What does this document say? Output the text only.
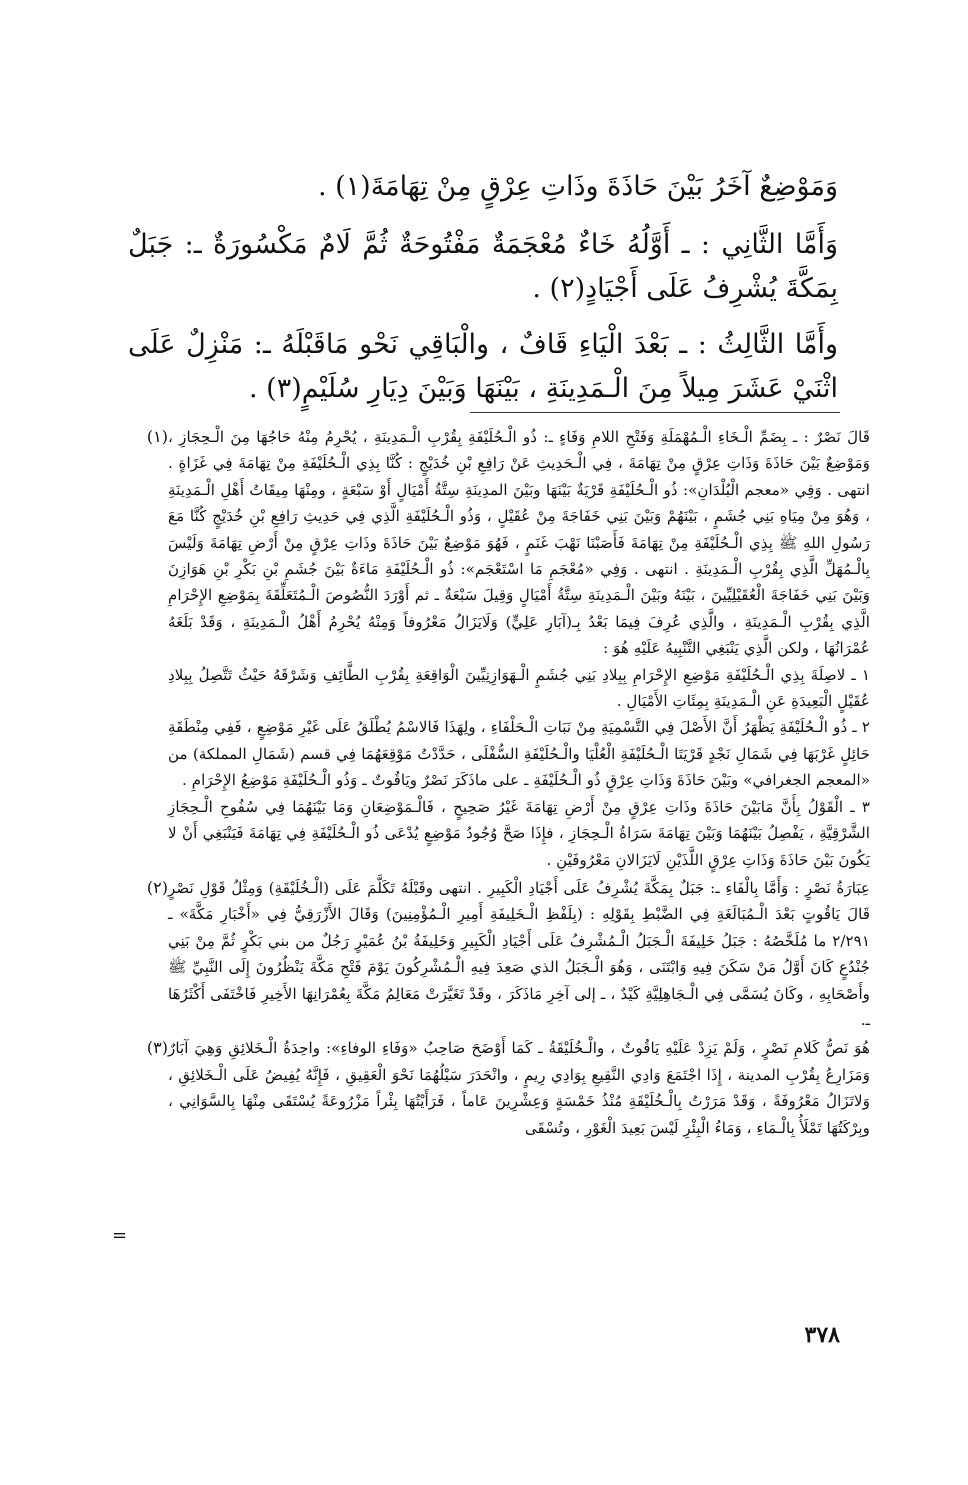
وَمَوْضِعٌ آخَرُ بَيْنَ حَاذَةَ وذَاتِ عِرْقٍ مِنْ تِهَامَةَ(١) .

وَأَمَّا الثَّانِي : ـ أَوَّلُهُ خَاءٌ مُعْجَمَةٌ مَفْتُوحَةٌ ثُمَّ لَامٌ مَكْسُورَةٌ ـ: جَبَلٌ بِمَكَّةَ يُشْرِفُ عَلَى أَجْيَادٍ(٢) .

وأَمَّا الثَّالِثُ : ـ بَعْدَ الْيَاءِ قَافٌ ، والْبَاقِي نَحْو مَاقَبْلَهُ ـ: مَنْزِلٌ عَلَى اثْنَيْ عَشَرَ مِيلاً مِنَ الْـمَدِينَةِ ، بَيْنَهَا وَبَيْنَ دِيَارِ سُلَيْمٍ(٣) .

(١) قَالَ نَصْرٌ : ـ بِضَمِّ الْـخَاءِ الْـمُهْمَلَةِ وَفَتْحِ اللامِ وَفَاءٍ ـ: ذُو الْـحُلَيْفَةِ بِقُرْبِ الْـمَدِينَةِ ، يُحْرِمُ مِنْهُ حَاجُهَا مِنَ الْـحِجَازِ ، وَمَوْضِعٌ بَيْنَ حَاذَةَ وَذَاتِ عِرْقٍ مِنْ تِهَامَةَ ، فِي الْـحَدِيثِ عَنْ رَافِعِ بْنِ خُدَيْجٍ : كُنَّا بِذِي الْـحُلَيْفَةِ مِنْ تِهَامَةَ فِي غَزَاةٍ . انتهى . وَفِي «معجم الْبُلْدَانِ»: ذُو الْـحُلَيْفَةِ قَرْيَةٌ بَيْنَهَا وبَيْنَ المدِينَةِ سِتَّةُ أَمْيَالٍ أَوْ سَبْعَةٍ ، ومِنْهَا مِيقَاتُ أَهْلِ الْـمَدِينَةِ ، وَهُوَ مِنْ مِيَاهِ بَنِي جُشَمٍ ، بَيْنَهُمْ وَبَيْنَ بَنِي خَفَاجَةَ مِنْ عُقَيْلٍ ، وَذُو الْـحُلَيْفَةِ الَّذِي فِي حَدِيثِ رَافِعِ بْنِ خُدَيْجٍ كُنَّا مَعَ رَسُولِ اللهِ ﷺ بِذِي الْـحُلَيْفَةِ مِنْ تِهَامَةَ فَأَصَبْنَا نَهْبَ غَنَمٍ ، فَهُوَ مَوْضِعٌ بَيْنَ حَاذَةَ وذَاتِ عِرْقٍ مِنْ أَرْضِ تِهَامَةَ وَلَيْسَ بِالْـمُهَلِّ الَّذِي بِقُرْبِ الْـمَدِينَةِ . انتهى . وَفِي «مُعْجَمِ مَا اسْتَعْجَم»: ذُو الْـحُلَيْفَةِ مَاءَةٌ بَيْنَ جُشَمِ بْنِ بَكْرِ بْنِ هَوَازِنَ وَبَيْنَ بَنِي خَفَاجَةَ الْعُقَيْلِيِّينَ ، بَيْنَهُ وبَيْنَ الْـمَدِينَةِ سِتَّةُ أَمْيَالٍ وَقِيلَ سَبْعَةٌ ـ ثم أَوْرَدَ النُّصُوصَ الْـمُتَعَلِّقَةَ بِمَوْضِعِ الإِحْرَامِ الَّذِي بِقُرْبِ الْـمَدِينَةِ ، والَّذِي عُرِفَ فِيمَا بَعْدُ بِـ(آبَارِ عَلِيٍّ) وَلَايَزَالُ مَعْرُوفاً وَمِنْهُ يُحْرِمُ أَهْلُ الْـمَدِينَةِ ، وَقَدْ بَلَغَهُ عُمْرَانُهَا ، ولكن الَّذِي يَنْبَغِي التَّنْبِيهُ عَلَيْهِ هُوَ :

١ ـ لاصِلَةَ بِذِي الْـحُلَيْفَةِ مَوْضِعِ الإِحْرَامِ بِبِلادِ بَنِي جُشَمٍ الْـهَوَازِنِيِّينَ الْوَاقِعَةِ بِقُرْبِ الطَّائِفِ وَشَرْقَهُ حَيْثُ تَتَّصِلُ بِبِلادِ عُقَيْلٍ الْبَعِيدَةِ عَنِ الْـمَدِينَةِ بِمِئَاتِ الأَمْيَالِ .

٢ ـ ذُو الْـحُلَيْفَةِ يَظْهَرُ أَنَّ الأَصْلَ فِي التَّسْمِيَةِ مِنْ نَبَاتِ الْـحَلْفَاءِ ، ولِهَذَا فَالاسْمُ يُطْلَقُ عَلَى غَيْرِ مَوْضِعٍ ، فَفِي مِنْطَقَةِ حَائِلٍ غَرْبَهَا فِي شَمَالِ نَجْدٍ قَرْيَتَا الْـحُلَيْفَةِ الْعُلْيَا والْـحُلَيْفَةِ السُّفْلَى ، حَدَّدْتُ مَوْقِعَهُمَا فِي قسم (شَمَالِ المملكة) من «المعجم الجغرافي» وبَيْنَ حَاذَةَ وَذَاتِ عِرْقٍ ذُو الْـحُلَيْفَةِ ـ على ماذَكَرَ نَصْرٌ ويَاقُوتٌ ـ وَذُو الْـحُلَيْفَةِ مَوْضِعُ الإِحْرَامِ .

٣ ـ الْقَوْلُ بِأَنَّ مَابَيْنَ حَاذَةَ وذَاتِ عِرْقٍ مِنْ أَرْضِ تِهَامَةَ غَيْرُ صَحِيحٍ ، فَالْـمَوْضِعَانِ وَمَا بَيْنَهُمَا فِي سُفُوحِ الْـحِجَازِ الشَّرْقِيَّةِ ، يَفْصِلُ بَيْنَهُمَا وَبَيْنَ تِهَامَةَ سَرَاةُ الْـحِجَازِ ، فإِذَا صَحَّ وُجُودُ مَوْضِعٍ يُدْعَى ذُو الْـحُلَيْفَةِ فِي تِهَامَةَ فَيَنْبَغِي أَنْ لا يَكُونَ بَيْنَ حَاذَةَ وَذَاتِ عِرْقٍ اللَّذَيْنِ لَايَزَالانِ مَعْرُوفَيْنِ .

(٢) عِبَارَةُ نَصْرٍ : وَأَمَّا بِالْفَاءِ ـ: جَبَلٌ بِمَكَّةَ يُشْرِفُ عَلَى أَجْيَادِ الْكَبِيرِ . انتهى وقَبْلَهُ تَكَلَّمَ عَلَى (الْـخُلَيْقَةِ) وَمِثْلُ قَوْلِ نَصْرٍ قَالَ يَاقُوتٍ بَعْدَ الْـمُبَالَغَةِ فِي الضَّبْطِ بِقَوْلِهِ : (بِلَفْظِ الْـخَلِيفَةِ أَمِيرِ الْـمُؤْمِنِينَ) وَقَالَ الأَزْرَقِيُّ فِي «أَخْبَارِ مَكَّةَ» ـ ٢/٢٩١ ما مُلَخَّصُهُ : جَبَلُ خَلِيفَةَ الْـجَبَلُ الْـمُشْرِفُ عَلَى أَجْيَادِ الْكَبِيرِ وَخَلِيفَةُ بْنُ عُمَيْرٍ رَجُلٌ من بني بَكْرٍ ثُمَّ مِنْ بَنِي جُنْدُعٍ كَانَ أَوَّلُ مَنْ سَكَنَ فِيهِ وَابْتَنَى ، وَهُوَ الْـجَبَلُ الذي صَعِدَ فِيهِ الْـمُشْرِكُونَ يَوْمَ فَتْحِ مَكَّةَ يَنْظُرُونَ إِلَى النَّبِيِّ ﷺ وأَصْحَابِهِ ، وكَانَ يُسَمَّى فِي الْـجَاهِلِيَّةِ كَيْدٌ ، ـ إلى آخِرِ مَاذَكَرَ ، وقَدْ تَغَيَّرَتْ مَعَالِمُ مَكَّةَ بِعُمْرَانِهَا الأَخِيرِ فَاخْتَفَى أَكْثَرُهَا ـ.

(٣) هُوَ نَصُّ كَلامِ نَصْرٍ ، وَلَمْ يَزِدْ عَلَيْهِ يَاقُوتٌ ، والْـخُلَيْقَةُ ـ كَمَا أَوْضَحَ صَاحِبُ «وَفَاءِ الوفاءِ»: واحِدَةُ الْـخَلائِقِ وَهِيَ آبَارٌ وَمَزَارِعُ بِقُرْبِ المدينة ، إِذَا اجْتَمَعَ وَادِي النَّقِيعِ بِوَادِي رِيمٍ ، وانْحَدَرَ سَيْلُهُمَا نَحْوَ الْعَقِيقِ ، فَإِنَّهُ يُفِيضُ عَلَى الْـخَلائِقِ ، وَلاتَزَالُ مَعْرُوفَةً ، وَقَدْ مَرَرْتُ بِالْـخُلَيْقَةِ مُنْذُ خَمْسَةٍ وَعِشْرِينَ عَاماً ، فَرَأَيْتُهَا بِئْراً مَزْرُوعَةً يُسْتَقَى مِنْهَا بِالسَّوَانِي ، وبِرْكَتُهَا تَمْلَأُ بِالْـمَاءِ ، وَمَاءُ الْبِئْرِ لَيْسَ بَعِيدَ الْغَوْرِ ، وتُسْقَى

=
٣٧٨
